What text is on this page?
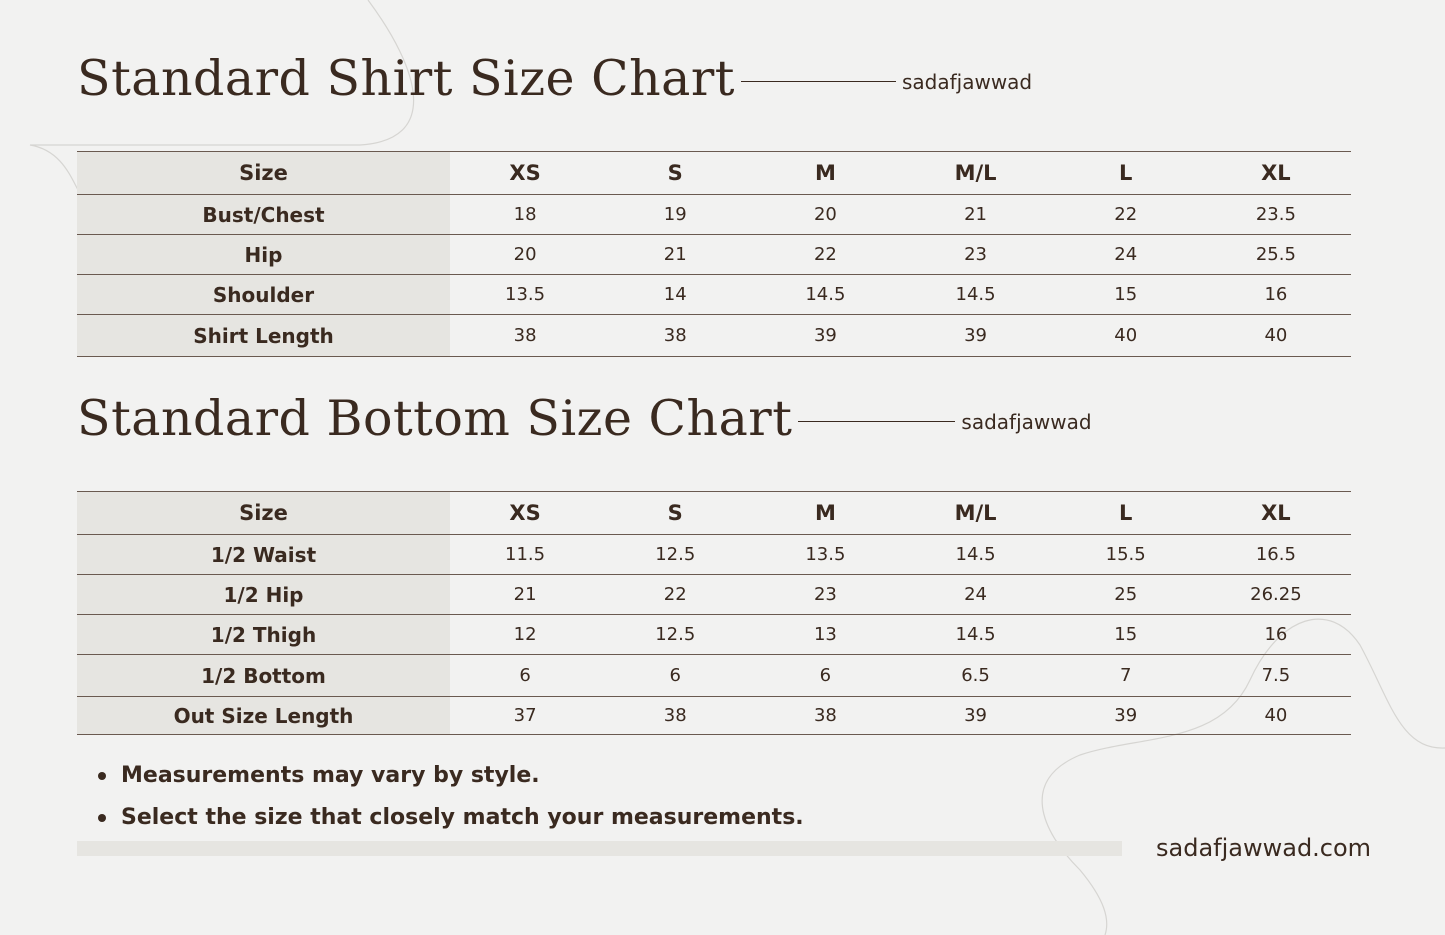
Standard Shirt Size Chart	sadafjawwad
Size	XS	S	M	M/L	L	XL
Bust/Chest	18	19	20	21	22	23.5
Hip	20	21	22	23	24	25.5
Shoulder	13.5	14	14.5	14.5	15	16
Shirt Length	38	38	39	39	40	40
Standard Bottom Size Chart	sadafjawwad
Size	XS	S	M	M/L	L	XL
1/2 Waist	11.5	12.5	13.5	14.5	15.5	16.5
1/2 Hip	21	22	23	24	25	26.25
1/2 Thigh	12	12.5	13	14.5	15	16
1/2 Bottom	6	6	6	6.5	7	7.5
Out Size Length	37	38	38	39	39	40
Measurements may vary by style.
Select the size that closely match your measurements.
sadafjawwad.com
